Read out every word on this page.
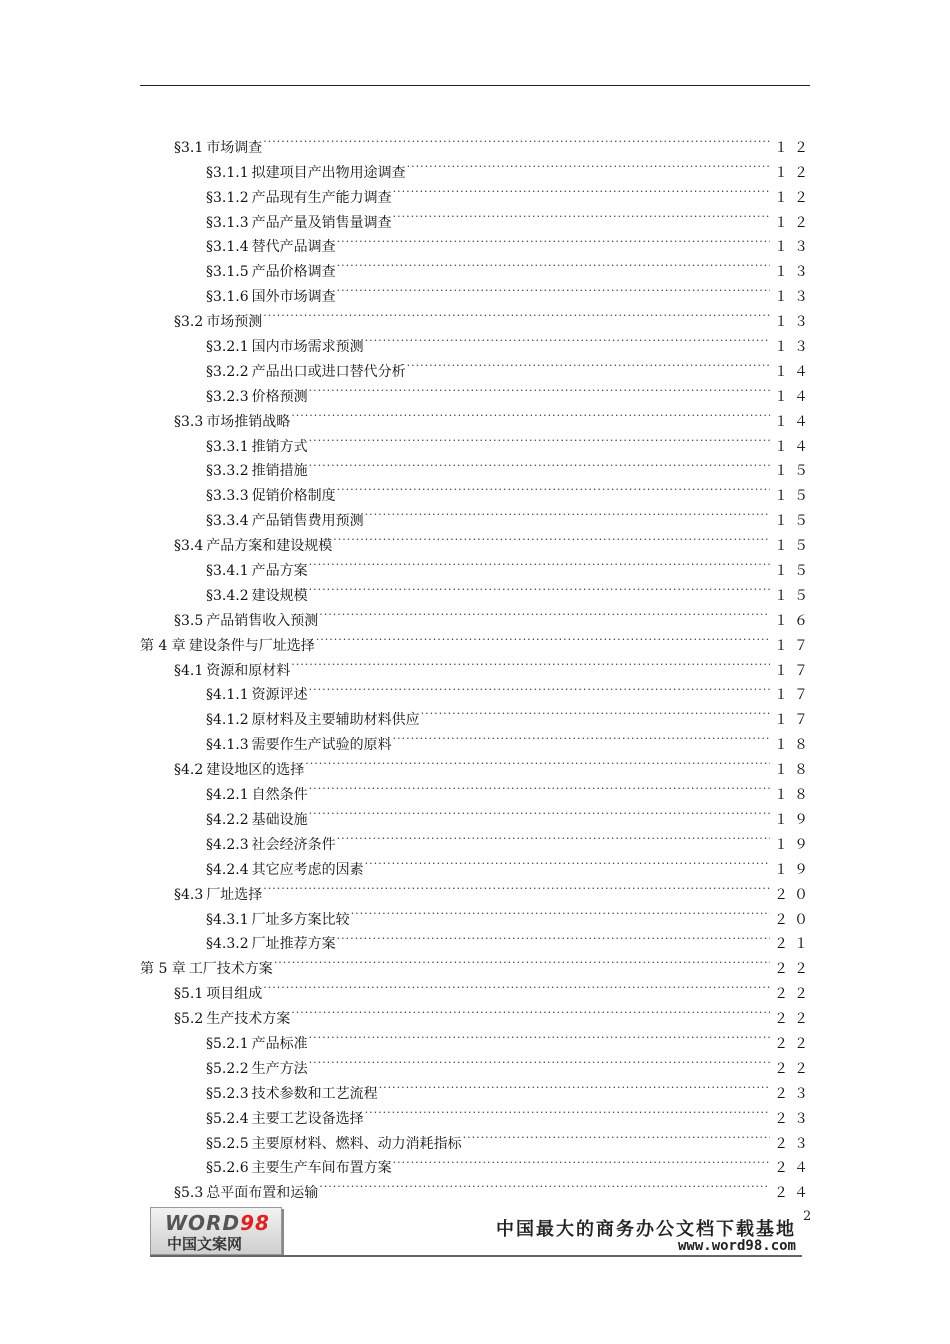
§3.1 市场调查 .....	１２
§3.1.1 拟建项目产出物用途调查 .....	１２
§3.1.2 产品现有生产能力调查 .....	１２
§3.1.3 产品产量及销售量调查 .....	１２
§3.1.4 替代产品调查 .....	１３
§3.1.5 产品价格调查 .....	１３
§3.1.6 国外市场调查 .....	１３
§3.2 市场预测 .....	１３
§3.2.1 国内市场需求预测 .....	１３
§3.2.2 产品出口或进口替代分析 .....	１４
§3.2.3 价格预测 .....	１４
§3.3 市场推销战略 .....	１４
§3.3.1 推销方式 .....	１４
§3.3.2 推销措施 .....	１５
§3.3.3 促销价格制度 .....	１５
§3.3.4 产品销售费用预测 .....	１５
§3.4 产品方案和建设规模 .....	１５
§3.4.1 产品方案 .....	１５
§3.4.2 建设规模 .....	１５
§3.5 产品销售收入预测 .....	１６
第 4 章 建设条件与厂址选择 .....	１７
§4.1 资源和原材料 .....	１７
§4.1.1 资源评述 .....	１７
§4.1.2 原材料及主要辅助材料供应 .....	１７
§4.1.3 需要作生产试验的原料 .....	１８
§4.2 建设地区的选择 .....	１８
§4.2.1 自然条件 .....	１８
§4.2.2 基础设施 .....	１９
§4.2.3 社会经济条件 .....	１９
§4.2.4 其它应考虑的因素 .....	１９
§4.3 厂址选择 .....	２０
§4.3.1 厂址多方案比较 .....	２０
§4.3.2 厂址推荐方案 .....	２１
第 5 章 工厂技术方案 .....	２２
§5.1 项目组成 .....	２２
§5.2 生产技术方案 .....	２２
§5.2.1 产品标准 .....	２２
§5.2.2 生产方法 .....	２２
§5.2.3 技术参数和工艺流程 .....	２３
§5.2.4 主要工艺设备选择 .....	２３
§5.2.5 主要原材料、燃料、动力消耗指标 .....	２３
§5.2.6 主要生产车间布置方案 .....	２４
§5.3 总平面布置和运输 .....	２４
WORD98
中国文案网
中国最大的商务办公文档下载基地
www.word98.com
2
